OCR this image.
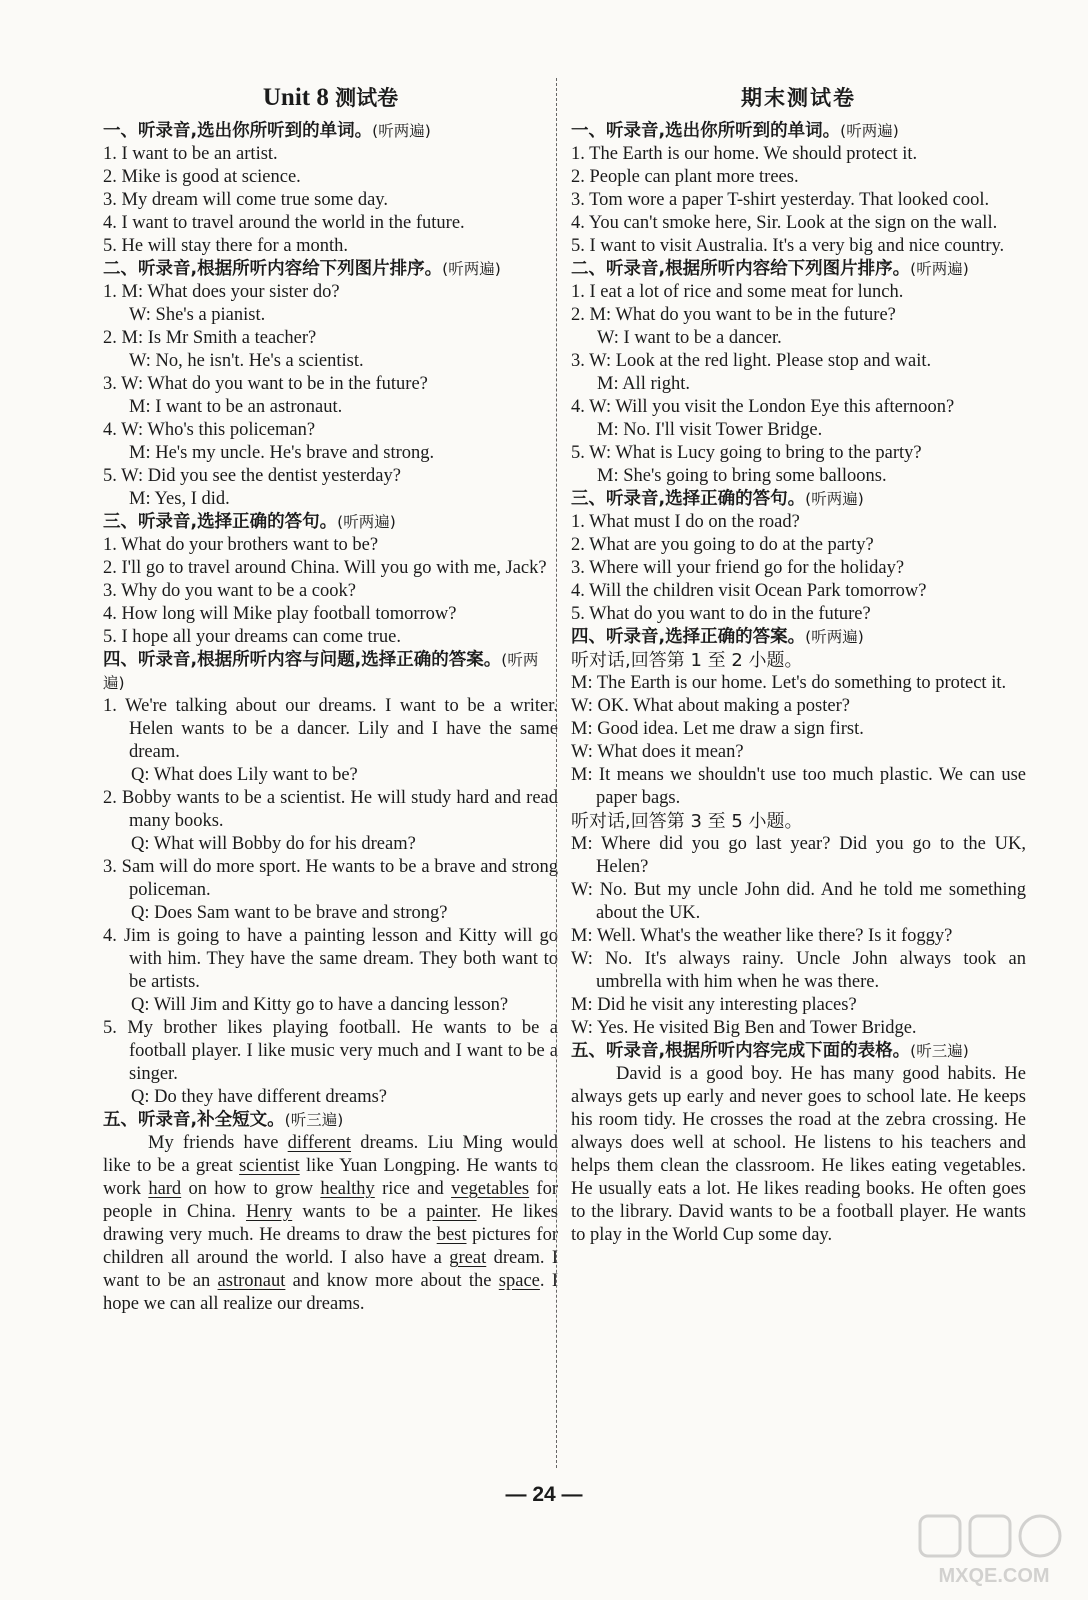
Unit 8 测试卷
一、听录音,选出你所听到的单词。(听两遍)
1. I want to be an artist.
2. Mike is good at science.
3. My dream will come true some day.
4. I want to travel around the world in the future.
5. He will stay there for a month.
二、听录音,根据所听内容给下列图片排序。(听两遍)
1. M: What does your sister do?
W: She's a pianist.
2. M: Is Mr Smith a teacher?
W: No, he isn't. He's a scientist.
3. W: What do you want to be in the future?
M: I want to be an astronaut.
4. W: Who's this policeman?
M: He's my uncle. He's brave and strong.
5. W: Did you see the dentist yesterday?
M: Yes, I did.
三、听录音,选择正确的答句。(听两遍)
1. What do your brothers want to be?
2. I'll go to travel around China. Will you go with me, Jack?
3. Why do you want to be a cook?
4. How long will Mike play football tomorrow?
5. I hope all your dreams can come true.
四、听录音,根据所听内容与问题,选择正确的答案。(听两遍)
1. We're talking about our dreams. I want to be a writer. Helen wants to be a dancer. Lily and I have the same dream.
Q: What does Lily want to be?
2. Bobby wants to be a scientist. He will study hard and read many books.
Q: What will Bobby do for his dream?
3. Sam will do more sport. He wants to be a brave and strong policeman.
Q: Does Sam want to be brave and strong?
4. Jim is going to have a painting lesson and Kitty will go with him. They have the same dream. They both want to be artists.
Q: Will Jim and Kitty go to have a dancing lesson?
5. My brother likes playing football. He wants to be a football player. I like music very much and I want to be a singer.
Q: Do they have different dreams?
五、听录音,补全短文。(听三遍)

My friends have different dreams. Liu Ming would like to be a great scientist like Yuan Longping. He wants to work hard on how to grow healthy rice and vegetables for people in China. Henry wants to be a painter. He likes drawing very much. He dreams to draw the best pictures for children all around the world. I also have a great dream. I want to be an astronaut and know more about the space. I hope we can all realize our dreams.

期末测试卷
一、听录音,选出你所听到的单词。(听两遍)
1. The Earth is our home. We should protect it.
2. People can plant more trees.
3. Tom wore a paper T-shirt yesterday. That looked cool.
4. You can't smoke here, Sir. Look at the sign on the wall.
5. I want to visit Australia. It's a very big and nice country.
二、听录音,根据所听内容给下列图片排序。(听两遍)
1. I eat a lot of rice and some meat for lunch.
2. M: What do you want to be in the future?
W: I want to be a dancer.
3. W: Look at the red light. Please stop and wait.
M: All right.
4. W: Will you visit the London Eye this afternoon?
M: No. I'll visit Tower Bridge.
5. W: What is Lucy going to bring to the party?
M: She's going to bring some balloons.
三、听录音,选择正确的答句。(听两遍)
1. What must I do on the road?
2. What are you going to do at the party?
3. Where will your friend go for the holiday?
4. Will the children visit Ocean Park tomorrow?
5. What do you want to do in the future?
四、听录音,选择正确的答案。(听两遍)
听对话,回答第 1 至 2 小题。
M: The Earth is our home. Let's do something to protect it.
W: OK. What about making a poster?
M: Good idea. Let me draw a sign first.
W: What does it mean?
M: It means we shouldn't use too much plastic. We can use paper bags.
听对话,回答第 3 至 5 小题。
M: Where did you go last year? Did you go to the UK, Helen?
W: No. But my uncle John did. And he told me something about the UK.
M: Well. What's the weather like there? Is it foggy?
W: No. It's always rainy. Uncle John always took an umbrella with him when he was there.
M: Did he visit any interesting places?
W: Yes. He visited Big Ben and Tower Bridge.
五、听录音,根据所听内容完成下面的表格。(听三遍)

David is a good boy. He has many good habits. He always gets up early and never goes to school late. He keeps his room tidy. He crosses the road at the zebra crossing. He always does well at school. He listens to his teachers and helps them clean the classroom. He likes eating vegetables. He usually eats a lot. He likes reading books. He often goes to the library. David wants to be a football player. He wants to play in the World Cup some day.

— 24 —
MXQE.COM
